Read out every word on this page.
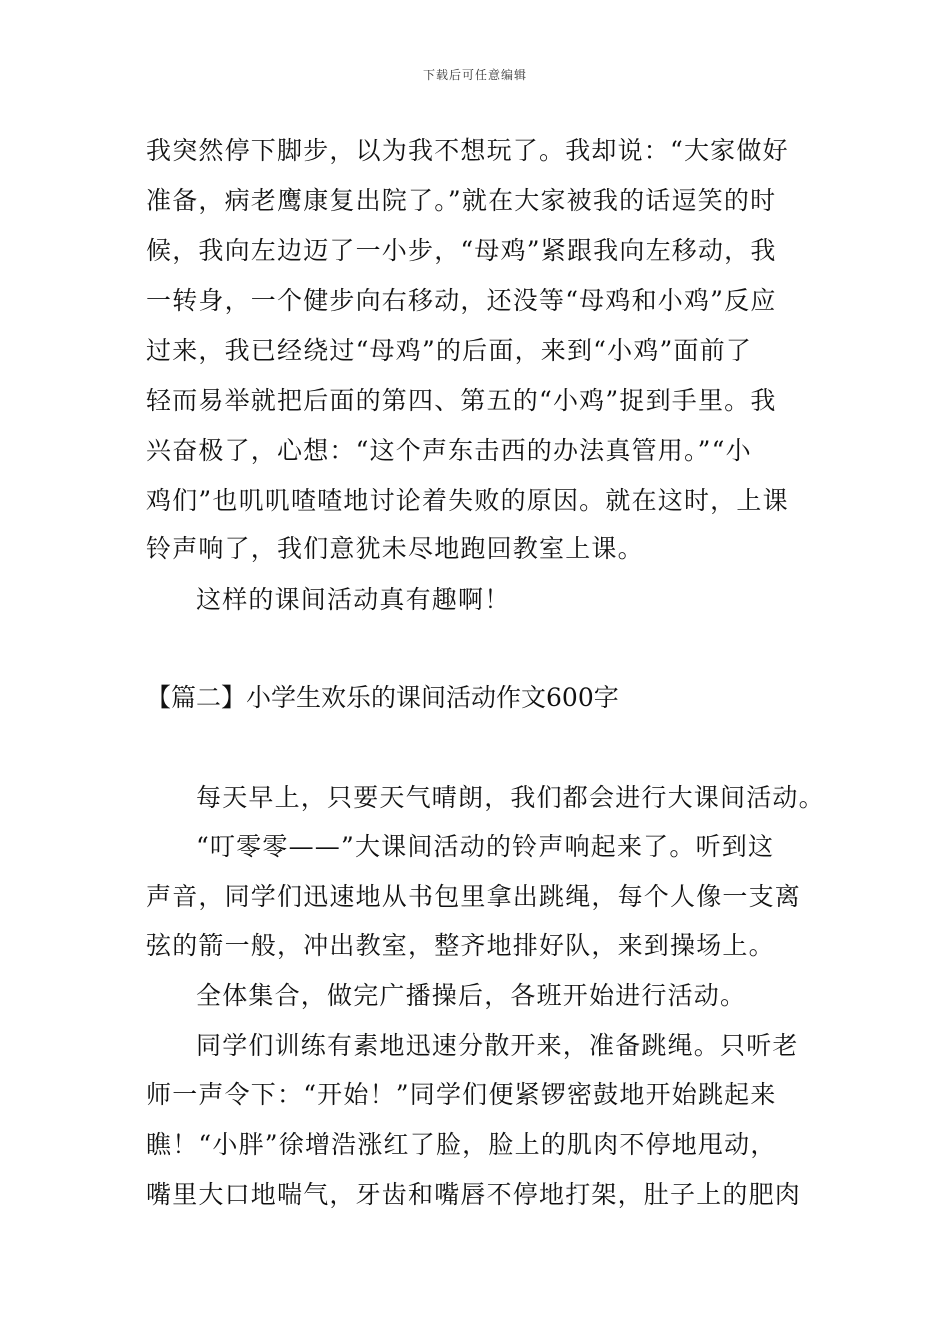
下载后可任意编辑
我突然停下脚步，以为我不想玩了。我却说：“大家做好
准备，病老鹰康复出院了。”就在大家被我的话逗笑的时
候，我向左边迈了一小步，“母鸡”紧跟我向左移动，我
一转身，一个健步向右移动，还没等“母鸡和小鸡”反应
过来，我已经绕过“母鸡”的后面，来到“小鸡”面前了
轻而易举就把后面的第四、第五的“小鸡”捉到手里。我
兴奋极了，心想：“这个声东击西的办法真管用。”“小
鸡们”也叽叽喳喳地讨论着失败的原因。就在这时，上课
铃声响了，我们意犹未尽地跑回教室上课。
这样的课间活动真有趣啊！
【篇二】小学生欢乐的课间活动作文600字
每天早上，只要天气晴朗，我们都会进行大课间活动。
“叮零零——”大课间活动的铃声响起来了。听到这
声音，同学们迅速地从书包里拿出跳绳，每个人像一支离
弦的箭一般，冲出教室，整齐地排好队，来到操场上。
全体集合，做完广播操后，各班开始进行活动。
同学们训练有素地迅速分散开来，准备跳绳。只听老
师一声令下：“开始！”同学们便紧锣密鼓地开始跳起来
瞧！“小胖”徐增浩涨红了脸，脸上的肌肉不停地甩动，
嘴里大口地喘气，牙齿和嘴唇不停地打架，肚子上的肥肉
